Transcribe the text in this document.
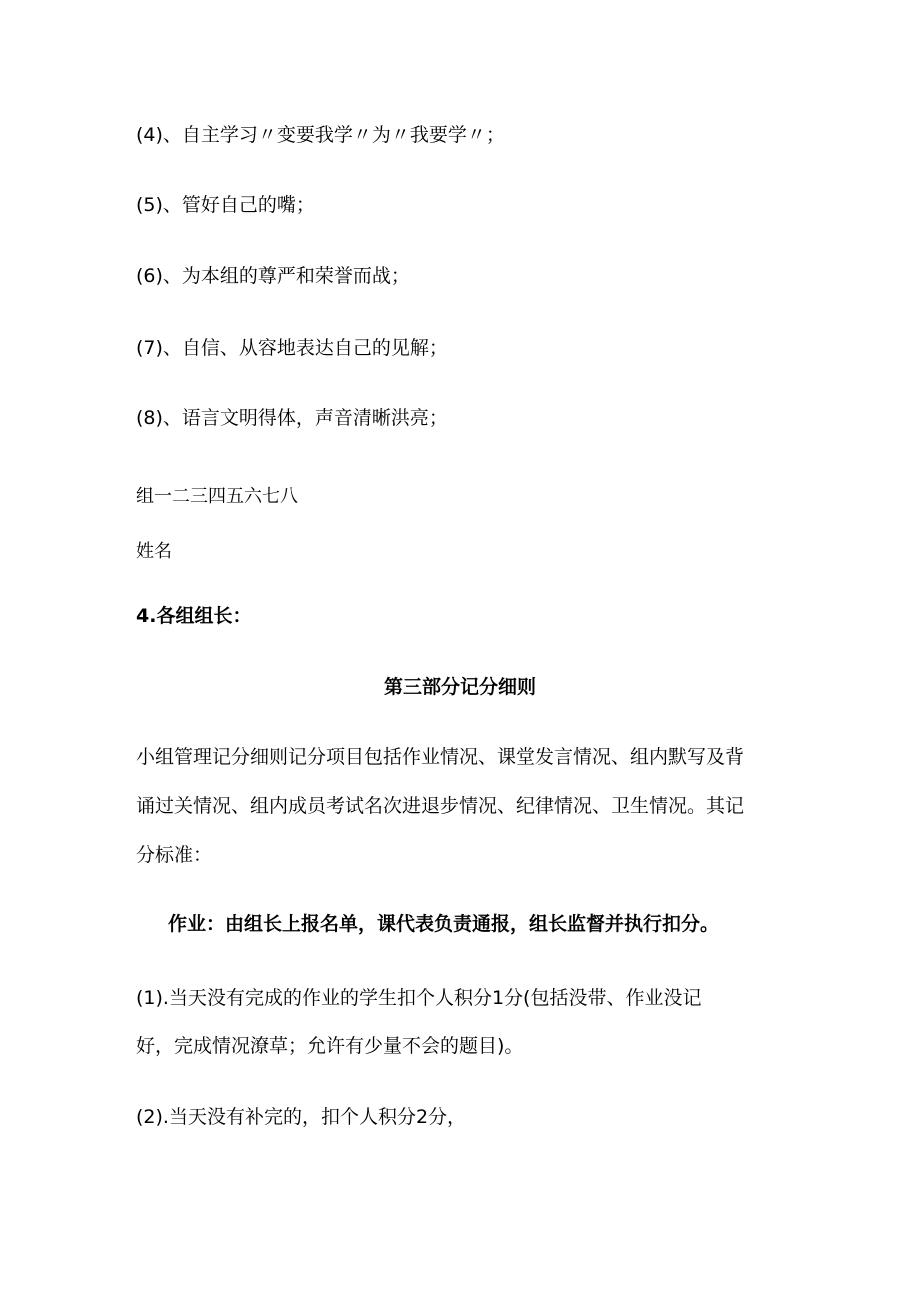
(4)、自主学习〃变要我学〃为〃我要学〃；
(5)、管好自己的嘴；
(6)、为本组的尊严和荣誉而战；
(7)、自信、从容地表达自己的见解；
(8)、语言文明得体，声音清晰洪亮；
组一二三四五六七八
姓名
4.各组组长：
第三部分记分细则
小组管理记分细则记分项目包括作业情况、课堂发言情况、组内默写及背
诵过关情况、组内成员考试名次进退步情况、纪律情况、卫生情况。其记
分标准：
作业：由组长上报名单，课代表负责通报，组长监督并执行扣分。
(1).当天没有完成的作业的学生扣个人积分1分(包括没带、作业没记
好，完成情况潦草；允许有少量不会的题目)。
(2).当天没有补完的，扣个人积分2分，
